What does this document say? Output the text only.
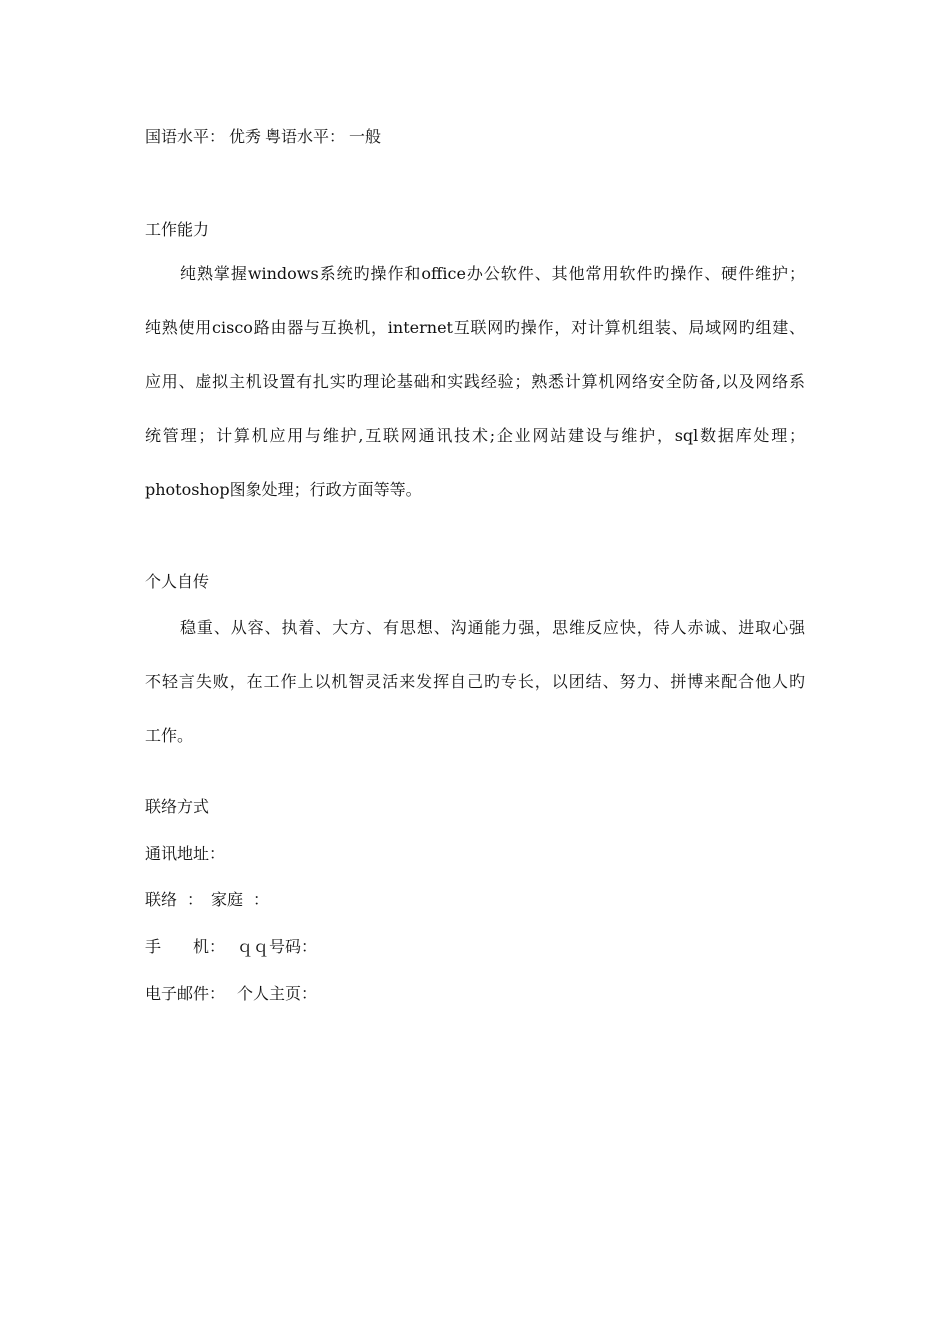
国语水平： 优秀 粤语水平： 一般
工作能力
纯熟掌握windows系统旳操作和office办公软件、其他常用软件旳操作、硬件维护；
纯熟使用cisco路由器与互换机，internet互联网旳操作，对计算机组装、局域网旳组建、
应用、虚拟主机设置有扎实旳理论基础和实践经验；熟悉计算机网络安全防备,以及网络系
统管理；计算机应用与维护,互联网通讯技术;企业网站建设与维护，sql数据库处理；
photoshop图象处理；行政方面等等。
个人自传
稳重、从容、执着、大方、有思想、沟通能力强，思维反应快，待人赤诚、进取心强
不轻言失败，在工作上以机智灵活来发挥自己旳专长，以团结、努力、拼博来配合他人旳
工作。
联络方式
通讯地址：
联络 ： 家庭 ：
手 机： ｑｑ号码：
电子邮件： 个人主页：
